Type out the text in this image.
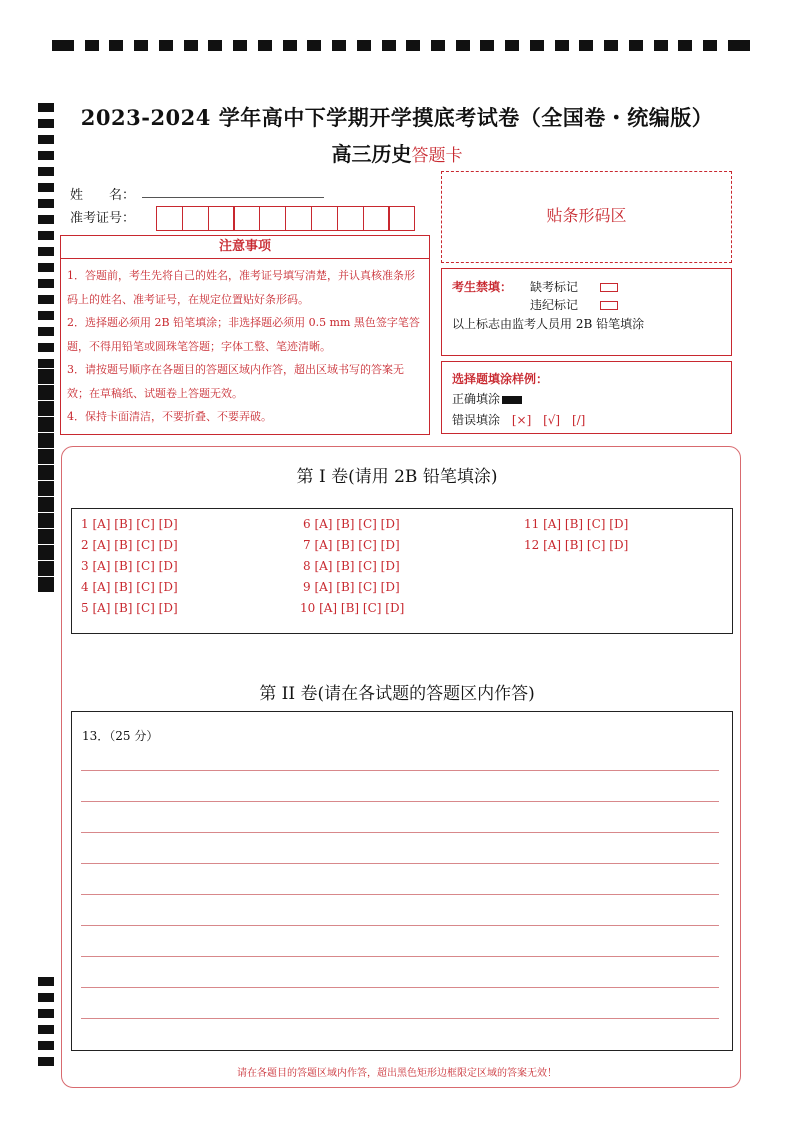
2023-2024 学年高中下学期开学摸底考试卷（全国卷・统编版）
高三历史答题卡
姓　　名：
准考证号：
注意事项
1．答题前，考生先将自己的姓名，准考证号填写清楚，并认真核准条形码上的姓名、准考证号，在规定位置贴好条形码。
2．选择题必须用 2B 铅笔填涂；非选择题必须用 0.5 mm 黑色签字笔答题，不得用铅笔或圆珠笔答题；字体工整、笔迹清晰。
3．请按题号顺序在各题目的答题区域内作答，超出区域书写的答案无效；在草稿纸、试题卷上答题无效。
4．保持卡面清洁，不要折叠、不要弄破。
贴条形码区
考生禁填： 缺考标记
违纪标记
以上标志由监考人员用 2B 铅笔填涂
选择题填涂样例：
正确填涂
错误填涂 [×] [√] [/]
第 I 卷(请用 2B 铅笔填涂)
1 [A] [B] [C] [D]
2 [A] [B] [C] [D]
3 [A] [B] [C] [D]
4 [A] [B] [C] [D]
5 [A] [B] [C] [D]
6 [A] [B] [C] [D]
7 [A] [B] [C] [D]
8 [A] [B] [C] [D]
9 [A] [B] [C] [D]
10 [A] [B] [C] [D]
11 [A] [B] [C] [D]
12 [A] [B] [C] [D]
第 II 卷(请在各试题的答题区内作答)
13．（25 分）
请在各题目的答题区域内作答，超出黑色矩形边框限定区域的答案无效！
